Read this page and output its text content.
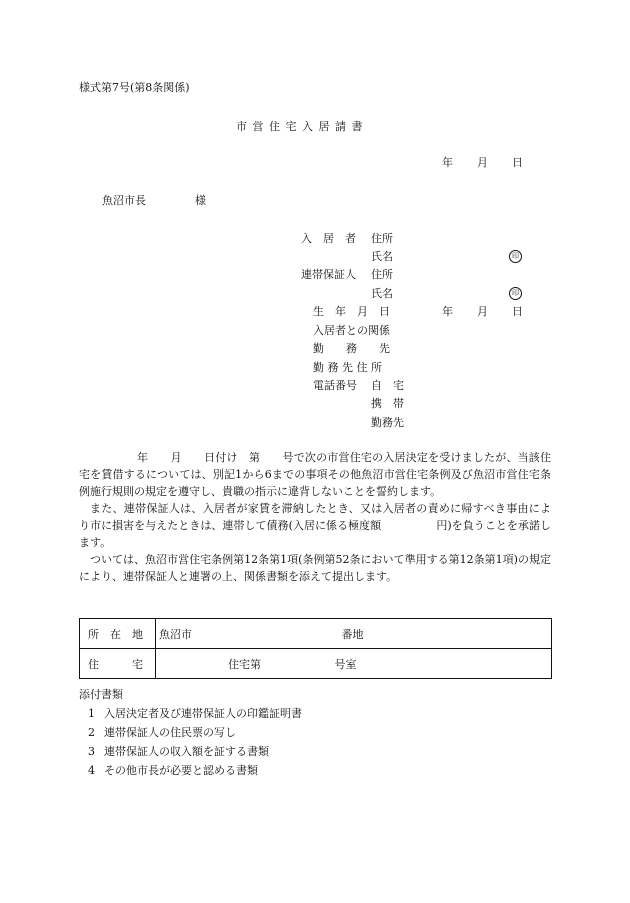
様式第7号(第8条関係)
市 営 住 宅 入 居 請 書
年 月 日
魚沼市長	様
入　居　者 住所
氏名	印
連帯保証人 住所
氏名	印
生　年　月　日	年 月 日
入居者との関係
勤　　務　　先
勤 務 先 住 所
電話番号 自　宅
携　帯
勤務先

年　　月　　日付け　第　　号で次の市営住宅の入居決定を受けましたが、当該住宅を賃借するについては、別記1から6までの事項その他魚沼市営住宅条例及び魚沼市営住宅条例施行規則の規定を遵守し、貴職の指示に違背しないことを誓約します。

また、連帯保証人は、入居者が家賃を滞納したとき、又は入居者の責めに帰すべき事由により市に損害を与えたときは、連帯して債務(入居に係る極度額　　　　　円)を負うことを承諾します。

ついては、魚沼市営住宅条例第12条第1項(条例第52条において準用する第12条第1項)の規定により、連帯保証人と連署の上、関係書類を添えて提出します。

所　在　地	魚沼市 番地
住　　　宅	住宅第 号室
添付書類
1 入居決定者及び連帯保証人の印鑑証明書
2 連帯保証人の住民票の写し
3 連帯保証人の収入額を証する書類
4 その他市長が必要と認める書類
